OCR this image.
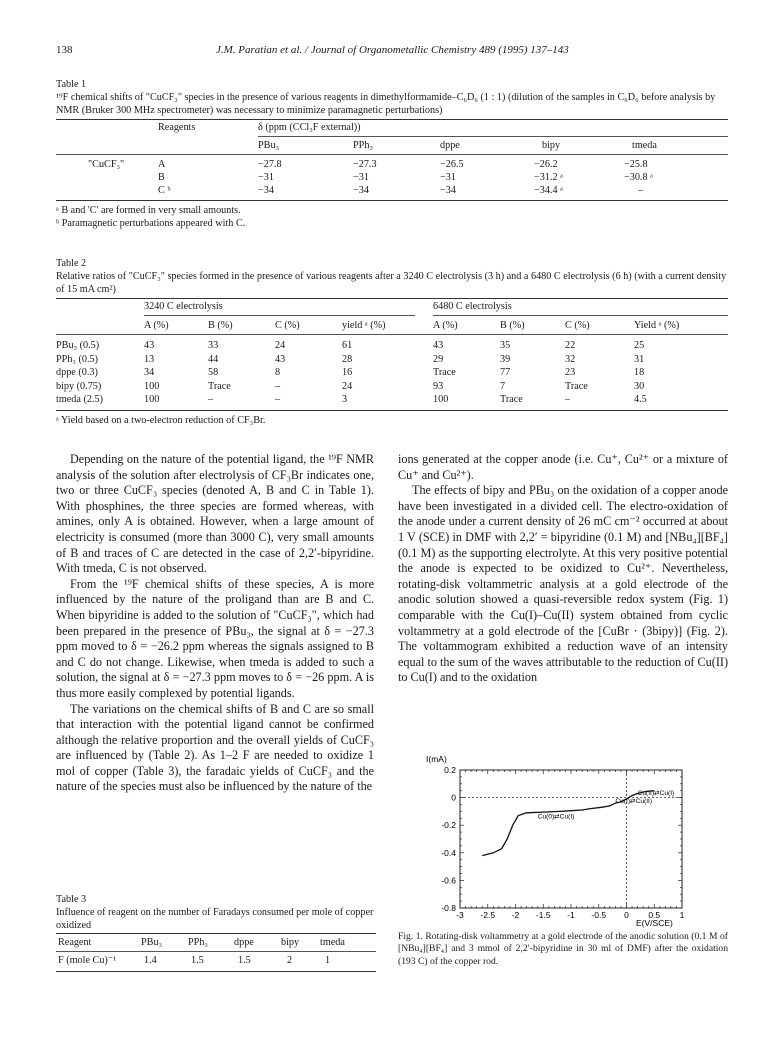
138	J.M. Paratian et al. / Journal of Organometallic Chemistry 489 (1995) 137–143
Table 1
¹⁹F chemical shifts of "CuCF₃" species in the presence of various reagents in dimethylformamide–C₆D₆ (1 : 1) (dilution of the samples in C₆D₆ before analysis by NMR (Bruker 300 MHz spectrometer) was necessary to minimize paramagnetic perturbations)
Reagents	δ (ppm (CCl₃F external))
PBu₃	PPh₃	dppe	bipy	tmeda
"CuCF₃"	A	−27.8	−27.3	−26.5	−26.2	−25.8
B	−31	−31	−31	−31.2 ᵃ	−30.8 ᵃ
C ᵇ	−34	−34	−34	−34.4 ᵃ	–
ᵃ B and 'C' are formed in very small amounts.
ᵇ Paramagnetic perturbations appeared with C.
Table 2
Relative ratios of "CuCF₃" species formed in the presence of various reagents after a 3240 C electrolysis (3 h) and a 6480 C electrolysis (6 h) (with a current density of 15 mA cm²)
3240 C electrolysis	6480 C electrolysis
A (%)	B (%)	C (%)	yield ᵃ (%)	A (%)	B (%)	C (%)	Yield ᵃ (%)
PBu₃ (0.5)	43	33	24	61	43	35	22	25
PPh₃ (0.5)	13	44	43	28	29	39	32	31
dppe (0.3)	34	58	8	16	Trace	77	23	18
bipy (0.75)	100	Trace	–	24	93	7	Trace	30
tmeda (2.5)	100	–	–	3	100	Trace	–	4.5
ᵃ Yield based on a two-electron reduction of CF₃Br.

Depending on the nature of the potential ligand, the ¹⁹F NMR analysis of the solution after electrolysis of CF₃Br indicates one, two or three CuCF₃ species (denoted A, B and C in Table 1). With phosphines, the three species are formed whereas, with amines, only A is obtained. However, when a large amount of electricity is consumed (more than 3000 C), very small amounts of B and traces of C are detected in the case of 2,2′-bipyridine. With tmeda, C is not observed.

From the ¹⁹F chemical shifts of these species, A is more influenced by the nature of the proligand than are B and C. When bipyridine is added to the solution of "CuCF₃", which had been prepared in the presence of PBu₃, the signal at δ = −27.3 ppm moved to δ = −26.2 ppm whereas the signals assigned to B and C do not change. Likewise, when tmeda is added to such a solution, the signal at δ = −27.3 ppm moves to δ = −26 ppm. A is thus more easily complexed by potential ligands.

The variations on the chemical shifts of B and C are so small that interaction with the potential ligand cannot be confirmed although the relative proportion and the overall yields of CuCF₃ are influenced by (Table 2). As 1–2 F are needed to oxidize 1 mol of copper (Table 3), the faradaic yields of CuCF₃ and the nature of the species must also be influenced by the nature of the

Table 3
Influence of reagent on the number of Faradays consumed per mole of copper oxidized
Reagent	PBu₃	PPh₃	dppe	bipy tmeda
F (mole Cu)⁻¹	1.4	1.5	1.5	2	1

ions generated at the copper anode (i.e. Cu⁺, Cu²⁺ or a mixture of Cu⁺ and Cu²⁺).

The effects of bipy and PBu₃ on the oxidation of a copper anode have been investigated in a divided cell. The electro-oxidation of the anode under a current density of 26 mC cm⁻² occurred at about 1 V (SCE) in DMF with 2,2′ = bipyridine (0.1 M) and [NBu₄][BF₄] (0.1 M) as the supporting electrolyte. At this very positive potential the anode is expected to be oxidized to Cu²⁺. Nevertheless, rotating-disk voltammetric analysis at a gold electrode of the anodic solution showed a quasi-reversible redox system (Fig. 1) comparable with the Cu(I)–Cu(II) system obtained from cyclic voltammetry at a gold electrode of the [CuBr · (3bipy)] (Fig. 2). The voltammogram exhibited a reduction wave of an intensity equal to the sum of the waves attributable to the reduction of Cu(II) to Cu(I) and to the oxidation

I(mA)
E(V/SCE)
0.2
0
-0.2
-0.4
-0.6
-0.8
-3 -2.5 -2 -1.5 -1 -0.5 0 0.5 1
Cu(II)⇄Cu(I)
Cu(I)⇄Cu(II)
Cu(0)⇄Cu(I)
Fig. 1. Rotating-disk voltammetry at a gold electrode of the anodic solution (0.1 M of [NBu₄][BF₄] and 3 mmol of 2,2′-bipyridine in 30 ml of DMF) after the oxidation (193 C) of the copper rod.
